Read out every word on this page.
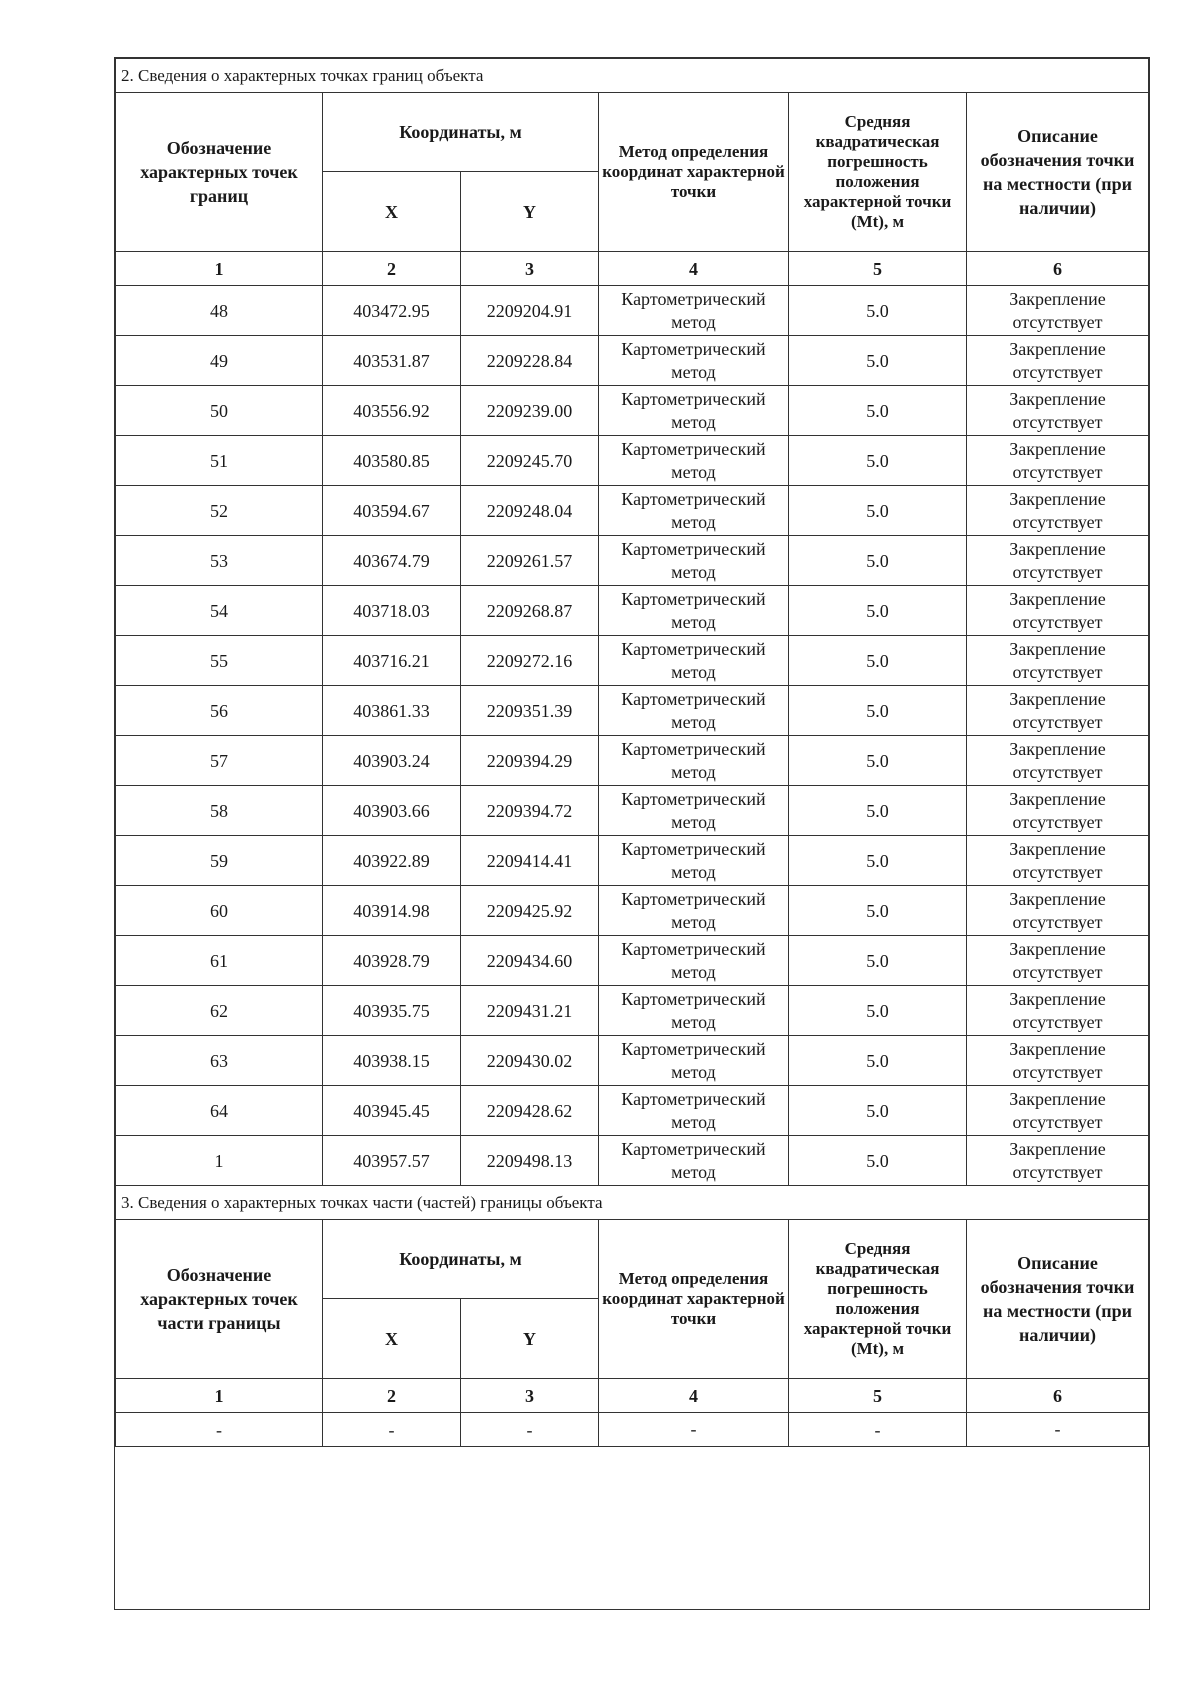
2. Сведения о характерных точках границ объекта					
Обозначение характерных точек границ	Координаты, м		Метод определения координат характерной точки	Средняя квадратическая погрешность положения характерной точки (Mt), м	Описание обозначения точки на местности (при наличии)
	X	Y			
1	2	3	4	5	6
48	403472.95	2209204.91	Картометрический метод	5.0	Закрепление отсутствует
49	403531.87	2209228.84	Картометрический метод	5.0	Закрепление отсутствует
50	403556.92	2209239.00	Картометрический метод	5.0	Закрепление отсутствует
51	403580.85	2209245.70	Картометрический метод	5.0	Закрепление отсутствует
52	403594.67	2209248.04	Картометрический метод	5.0	Закрепление отсутствует
53	403674.79	2209261.57	Картометрический метод	5.0	Закрепление отсутствует
54	403718.03	2209268.87	Картометрический метод	5.0	Закрепление отсутствует
55	403716.21	2209272.16	Картометрический метод	5.0	Закрепление отсутствует
56	403861.33	2209351.39	Картометрический метод	5.0	Закрепление отсутствует
57	403903.24	2209394.29	Картометрический метод	5.0	Закрепление отсутствует
58	403903.66	2209394.72	Картометрический метод	5.0	Закрепление отсутствует
59	403922.89	2209414.41	Картометрический метод	5.0	Закрепление отсутствует
60	403914.98	2209425.92	Картометрический метод	5.0	Закрепление отсутствует
61	403928.79	2209434.60	Картометрический метод	5.0	Закрепление отсутствует
62	403935.75	2209431.21	Картометрический метод	5.0	Закрепление отсутствует
63	403938.15	2209430.02	Картометрический метод	5.0	Закрепление отсутствует
64	403945.45	2209428.62	Картометрический метод	5.0	Закрепление отсутствует
1	403957.57	2209498.13	Картометрический метод	5.0	Закрепление отсутствует
3. Сведения о характерных точках части (частей) границы объекта					
Обозначение характерных точек части границы	Координаты, м		Метод определения координат характерной точки	Средняя квадратическая погрешность положения характерной точки (Mt), м	Описание обозначения точки на местности (при наличии)
	X	Y			
1	2	3	4	5	6
-	-	-	-	-	-
